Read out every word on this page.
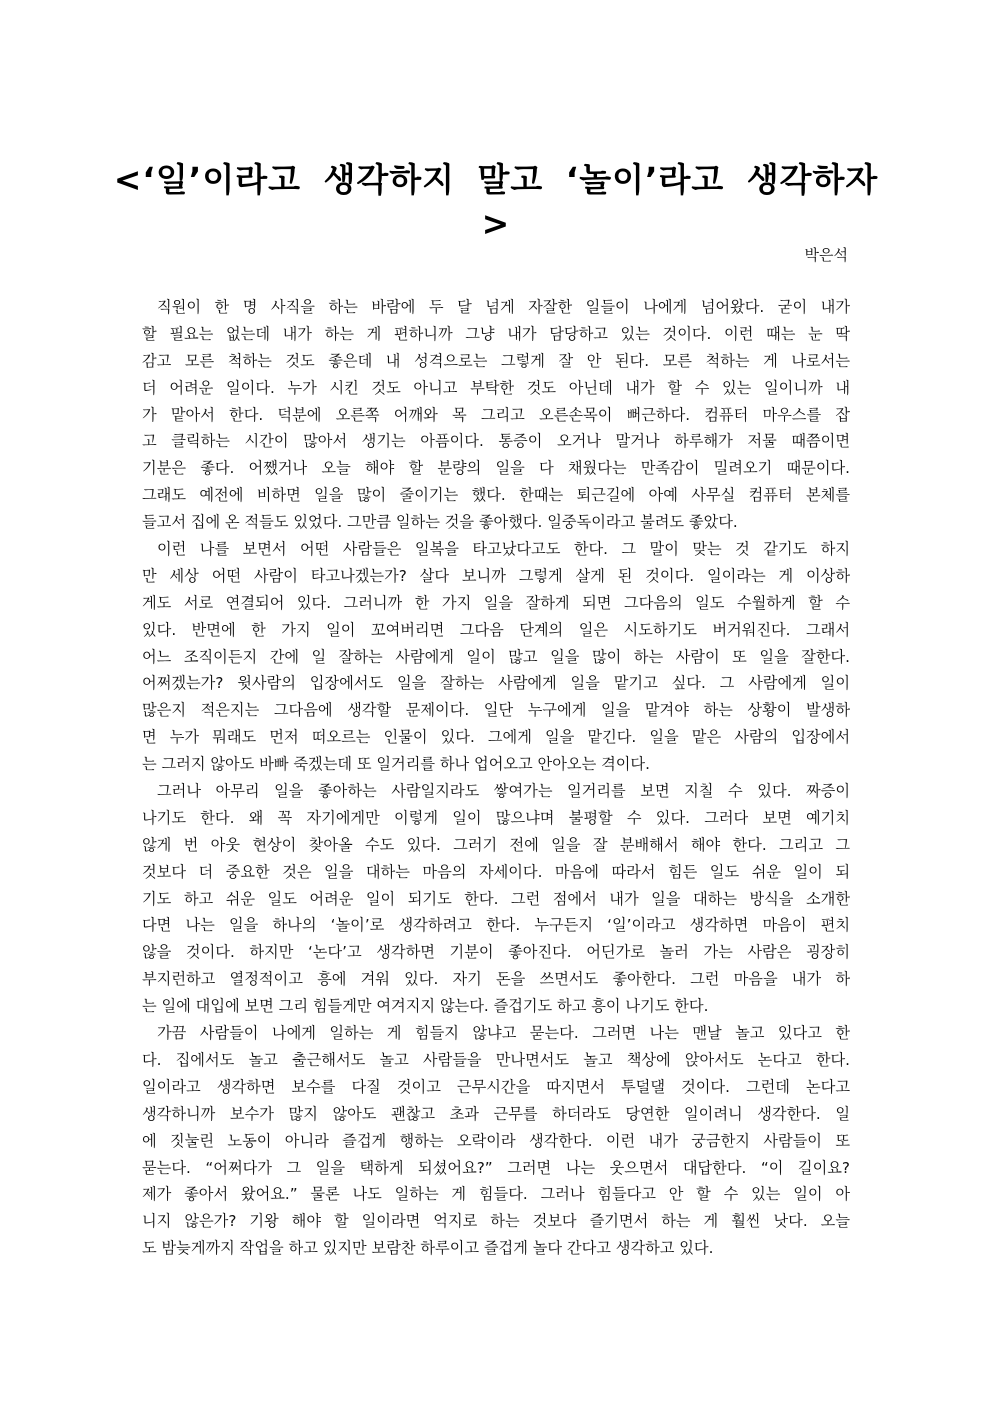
<‘일’이라고 생각하지 말고 ‘놀이’라고 생각하자>
박은석
직원이 한 명 사직을 하는 바람에 두 달 넘게 자잘한 일들이 나에게 넘어왔다. 굳이 내가
할 필요는 없는데 내가 하는 게 편하니까 그냥 내가 담당하고 있는 것이다. 이런 때는 눈 딱
감고 모른 척하는 것도 좋은데 내 성격으로는 그렇게 잘 안 된다. 모른 척하는 게 나로서는
더 어려운 일이다. 누가 시킨 것도 아니고 부탁한 것도 아닌데 내가 할 수 있는 일이니까 내
가 맡아서 한다. 덕분에 오른쪽 어깨와 목 그리고 오른손목이 뻐근하다. 컴퓨터 마우스를 잡
고 클릭하는 시간이 많아서 생기는 아픔이다. 통증이 오거나 말거나 하루해가 저물 때쯤이면
기분은 좋다. 어쨌거나 오늘 해야 할 분량의 일을 다 채웠다는 만족감이 밀려오기 때문이다.
그래도 예전에 비하면 일을 많이 줄이기는 했다. 한때는 퇴근길에 아예 사무실 컴퓨터 본체를
들고서 집에 온 적들도 있었다. 그만큼 일하는 것을 좋아했다. 일중독이라고 불려도 좋았다.
이런 나를 보면서 어떤 사람들은 일복을 타고났다고도 한다. 그 말이 맞는 것 같기도 하지
만 세상 어떤 사람이 타고나겠는가? 살다 보니까 그렇게 살게 된 것이다. 일이라는 게 이상하
게도 서로 연결되어 있다. 그러니까 한 가지 일을 잘하게 되면 그다음의 일도 수월하게 할 수
있다. 반면에 한 가지 일이 꼬여버리면 그다음 단계의 일은 시도하기도 버거워진다. 그래서
어느 조직이든지 간에 일 잘하는 사람에게 일이 많고 일을 많이 하는 사람이 또 일을 잘한다.
어쩌겠는가? 윗사람의 입장에서도 일을 잘하는 사람에게 일을 맡기고 싶다. 그 사람에게 일이
많은지 적은지는 그다음에 생각할 문제이다. 일단 누구에게 일을 맡겨야 하는 상황이 발생하
면 누가 뭐래도 먼저 떠오르는 인물이 있다. 그에게 일을 맡긴다. 일을 맡은 사람의 입장에서
는 그러지 않아도 바빠 죽겠는데 또 일거리를 하나 업어오고 안아오는 격이다.
그러나 아무리 일을 좋아하는 사람일지라도 쌓여가는 일거리를 보면 지칠 수 있다. 짜증이
나기도 한다. 왜 꼭 자기에게만 이렇게 일이 많으냐며 불평할 수 있다. 그러다 보면 예기치
않게 번 아웃 현상이 찾아올 수도 있다. 그러기 전에 일을 잘 분배해서 해야 한다. 그리고 그
것보다 더 중요한 것은 일을 대하는 마음의 자세이다. 마음에 따라서 힘든 일도 쉬운 일이 되
기도 하고 쉬운 일도 어려운 일이 되기도 한다. 그런 점에서 내가 일을 대하는 방식을 소개한
다면 나는 일을 하나의 ‘놀이’로 생각하려고 한다. 누구든지 ‘일’이라고 생각하면 마음이 편치
않을 것이다. 하지만 ‘논다’고 생각하면 기분이 좋아진다. 어딘가로 놀러 가는 사람은 굉장히
부지런하고 열정적이고 흥에 겨워 있다. 자기 돈을 쓰면서도 좋아한다. 그런 마음을 내가 하
는 일에 대입에 보면 그리 힘들게만 여겨지지 않는다. 즐겁기도 하고 흥이 나기도 한다.
가끔 사람들이 나에게 일하는 게 힘들지 않냐고 묻는다. 그러면 나는 맨날 놀고 있다고 한
다. 집에서도 놀고 출근해서도 놀고 사람들을 만나면서도 놀고 책상에 앉아서도 논다고 한다.
일이라고 생각하면 보수를 다질 것이고 근무시간을 따지면서 투덜댈 것이다. 그런데 논다고
생각하니까 보수가 많지 않아도 괜찮고 초과 근무를 하더라도 당연한 일이려니 생각한다. 일
에 짓눌린 노동이 아니라 즐겁게 행하는 오락이라 생각한다. 이런 내가 궁금한지 사람들이 또
묻는다. “어쩌다가 그 일을 택하게 되셨어요?” 그러면 나는 웃으면서 대답한다. “이 길이요?
제가 좋아서 왔어요.” 물론 나도 일하는 게 힘들다. 그러나 힘들다고 안 할 수 있는 일이 아
니지 않은가? 기왕 해야 할 일이라면 억지로 하는 것보다 즐기면서 하는 게 훨씬 낫다. 오늘
도 밤늦게까지 작업을 하고 있지만 보람찬 하루이고 즐겁게 놀다 간다고 생각하고 있다.
